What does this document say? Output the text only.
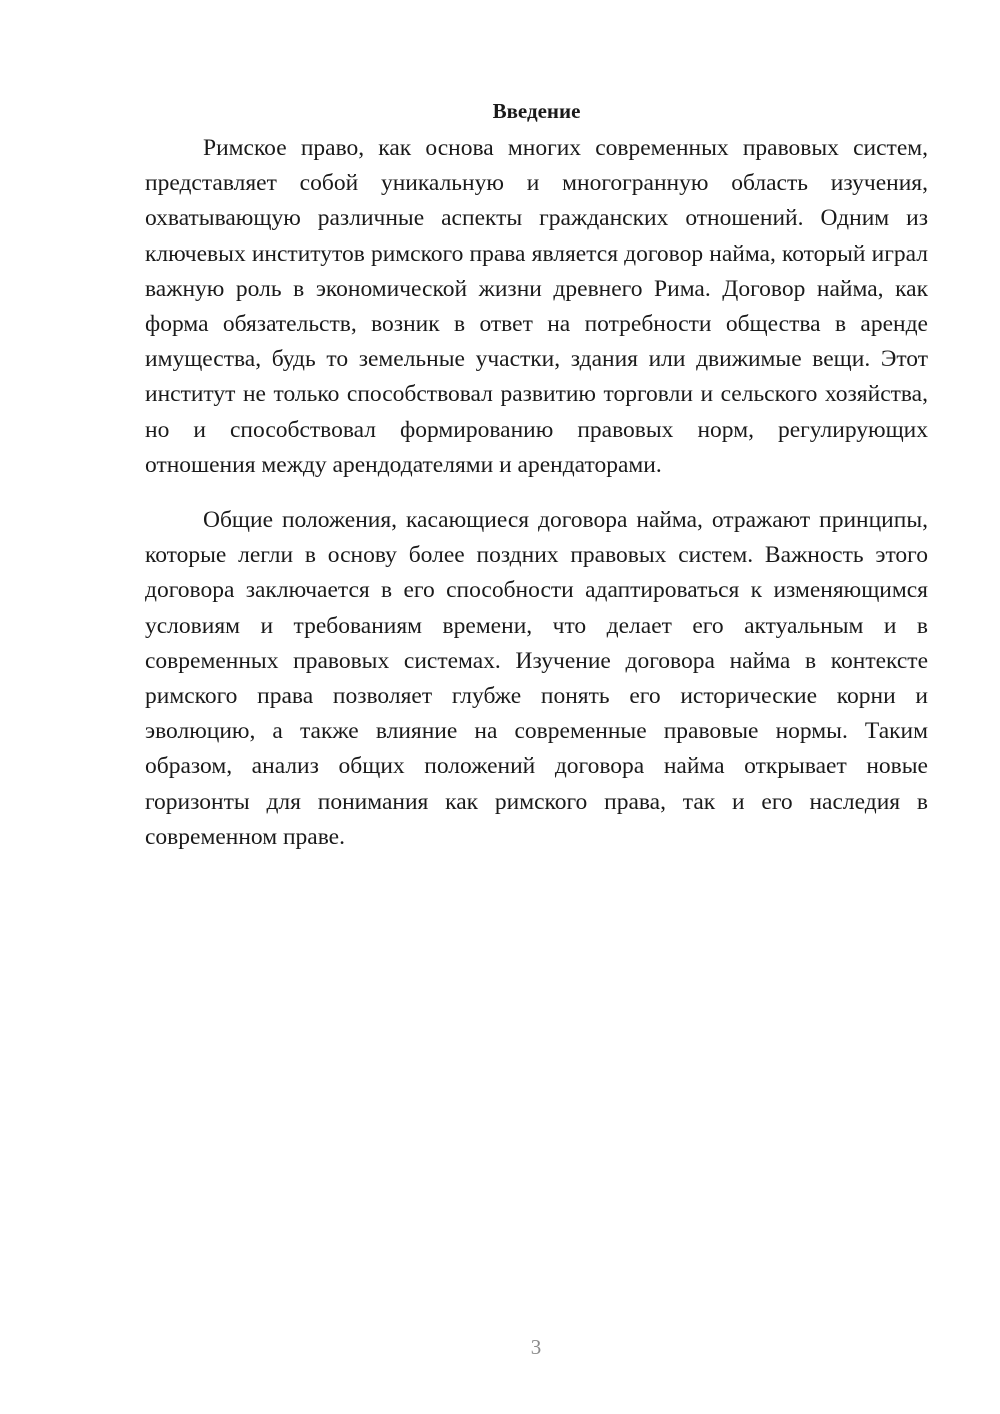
Введение

Римское право, как основа многих современных правовых систем, представляет собой уникальную и многогранную область изучения, охватывающую различные аспекты гражданских отношений. Одним из ключевых институтов римского права является договор найма, который играл важную роль в экономической жизни древнего Рима. Договор найма, как форма обязательств, возник в ответ на потребности общества в аренде имущества, будь то земельные участки, здания или движимые вещи. Этот институт не только способствовал развитию торговли и сельского хозяйства, но и способствовал формированию правовых норм, регулирующих отношения между арендодателями и арендаторами.

Общие положения, касающиеся договора найма, отражают принципы, которые легли в основу более поздних правовых систем. Важность этого договора заключается в его способности адаптироваться к изменяющимся условиям и требованиям времени, что делает его актуальным и в современных правовых системах. Изучение договора найма в контексте римского права позволяет глубже понять его исторические корни и эволюцию, а также влияние на современные правовые нормы. Таким образом, анализ общих положений договора найма открывает новые горизонты для понимания как римского права, так и его наследия в современном праве.

3
